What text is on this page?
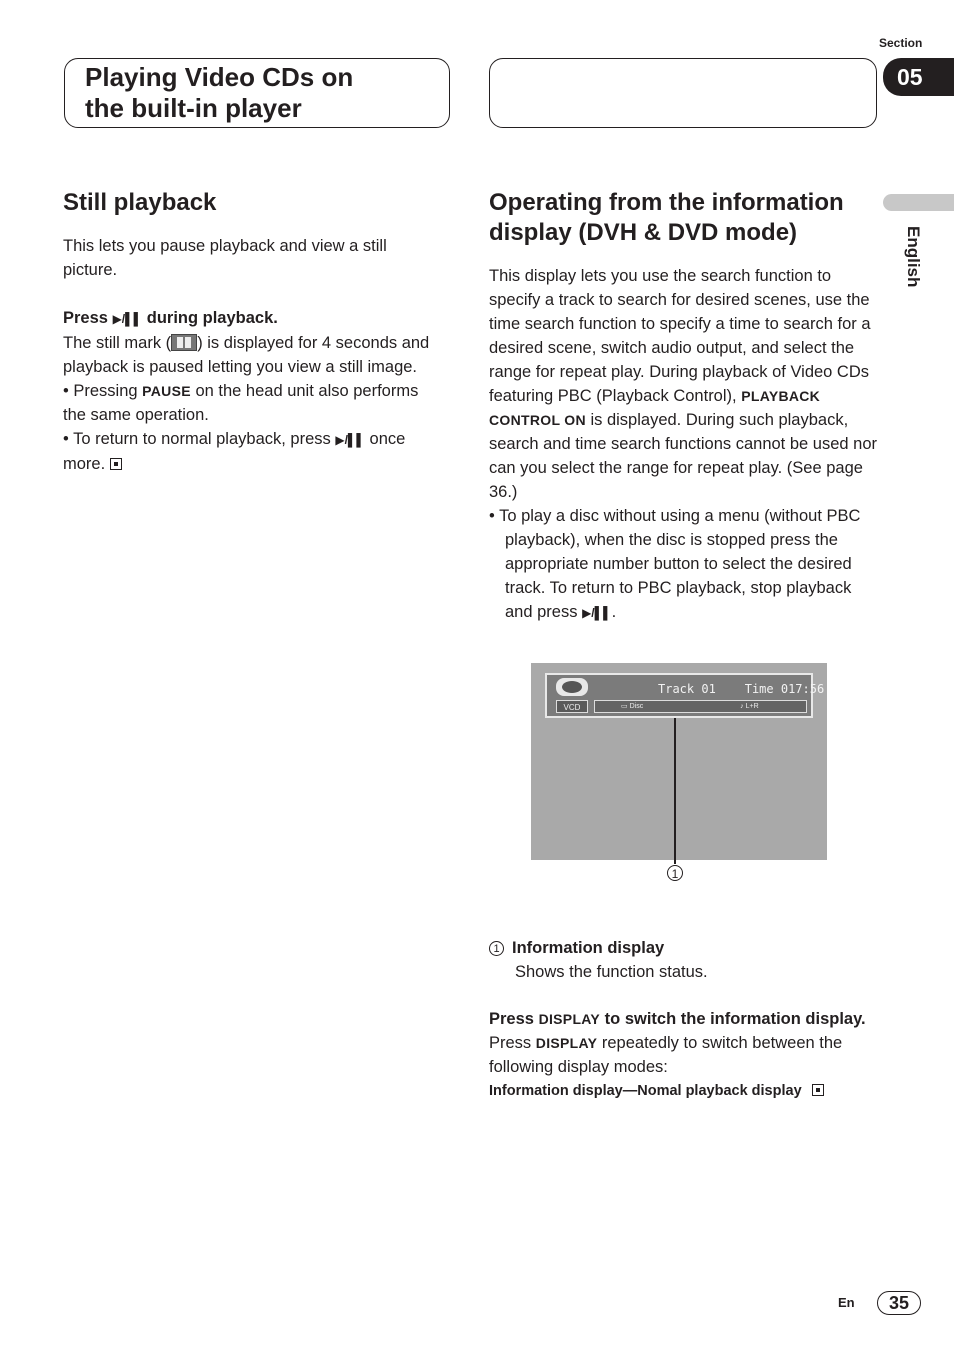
Section
05
Playing Video CDs on
the built-in player
English
Still playback

This lets you pause playback and view a still picture.

Press ▶/▌▌ during playback.

The still mark ( ) is displayed for 4 seconds and playback is paused letting you view a still image.

• Pressing PAUSE on the head unit also performs the same operation.

• To return to normal playback, press ▶/▌▌ once more.

Operating from the information display (DVH & DVD mode)

This display lets you use the search function to specify a track to search for desired scenes, use the time search function to specify a time to search for a desired scene, switch audio output, and select the range for repeat play. During playback of Video CDs featuring PBC (Playback Control), PLAYBACK CONTROL ON is displayed. During such playback, search and time search functions cannot be used nor can you select the range for repeat play. (See page 36.)

• To play a disc without using a menu (without PBC playback), when the disc is stopped press the appropriate number button to select the desired track. To return to PBC playback, stop playback and press ▶/▌▌.

VCD
Track 01 Time 017:56
▭ Disc	♪ L+R
1
1 Information display
Shows the function status.

Press DISPLAY to switch the information display.

Press DISPLAY repeatedly to switch between the following display modes:

Information display—Nomal playback display

En	35
